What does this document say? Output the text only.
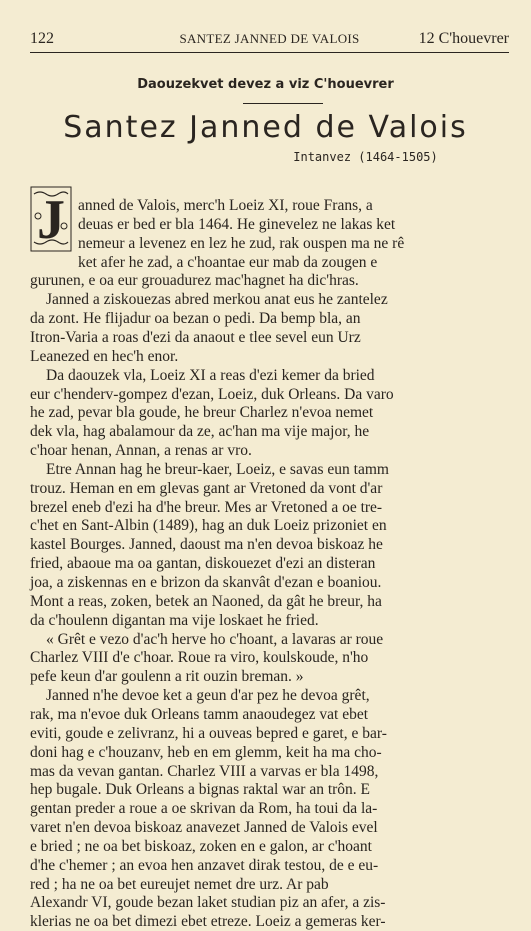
122	SANTEZ JANNED DE VALOIS	12 C'houevrer
Daouzekvet devez a viz C'houevrer
Santez Janned de Valois
Intanvez (1464-1505)
J anned de Valois, merc'h Loeiz XI, roue Frans, a
deuas er bed er bla 1464. He ginevelez ne lakas ket
nemeur a levenez en lez he zud, rak ouspen ma ne rê
ket afer he zad, a c'hoantae eur mab da zougen e
gurunen, e oa eur grouadurez mac'hagnet ha dic'hras.
Janned a ziskouezas abred merkou anat eus he zantelez
da zont. He flijadur oa bezan o pedi. Da bemp bla, an
Itron-Varia a roas d'ezi da anaout e tlee sevel eun Urz
Leanezed en hec'h enor.
Da daouzek vla, Loeiz XI a reas d'ezi kemer da bried
eur c'henderv-gompez d'ezan, Loeiz, duk Orleans. Da varo
he zad, pevar bla goude, he breur Charlez n'evoa nemet
dek vla, hag abalamour da ze, ac'han ma vije major, he
c'hoar henan, Annan, a renas ar vro.
Etre Annan hag he breur-kaer, Loeiz, e savas eun tamm
trouz. Heman en em glevas gant ar Vretoned da vont d'ar
brezel eneb d'ezi ha d'he breur. Mes ar Vretoned a oe tre-
c'het en Sant-Albin (1489), hag an duk Loeiz prizoniet en
kastel Bourges. Janned, daoust ma n'en devoa biskoaz he
fried, abaoue ma oa gantan, diskouezet d'ezi an disteran
joa, a ziskennas en e brizon da skanvât d'ezan e boaniou.
Mont a reas, zoken, betek an Naoned, da gât he breur, ha
da c'houlenn digantan ma vije loskaet he fried.
« Grêt e vezo d'ac'h herve ho c'hoant, a lavaras ar roue
Charlez VIII d'e c'hoar. Roue ra viro, koulskoude, n'ho
pefe keun d'ar goulenn a rit ouzin breman. »
Janned n'he devoe ket a geun d'ar pez he devoa grêt,
rak, ma n'evoe duk Orleans tamm anaoudegez vat ebet
eviti, goude e zelivranz, hi a ouveas bepred e garet, e bar-
doni hag e c'houzanv, heb en em glemm, keit ha ma cho-
mas da vevan gantan. Charlez VIII a varvas er bla 1498,
hep bugale. Duk Orleans a bignas raktal war an trôn. E
gentan preder a roue a oe skrivan da Rom, ha toui da la-
varet n'en devoa biskoaz anavezet Janned de Valois evel
e bried ; ne oa bet biskoaz, zoken en e galon, ar c'hoant
d'he c'hemer ; an evoa hen anzavet dirak testou, de e eu-
red ; ha ne oa bet eureujet nemet dre urz. Ar pab
Alexandr VI, goude bezan laket studian piz an afer, a zis-
klerias ne oa bet dimezi ebet etreze. Loeiz a gemeras ker-
